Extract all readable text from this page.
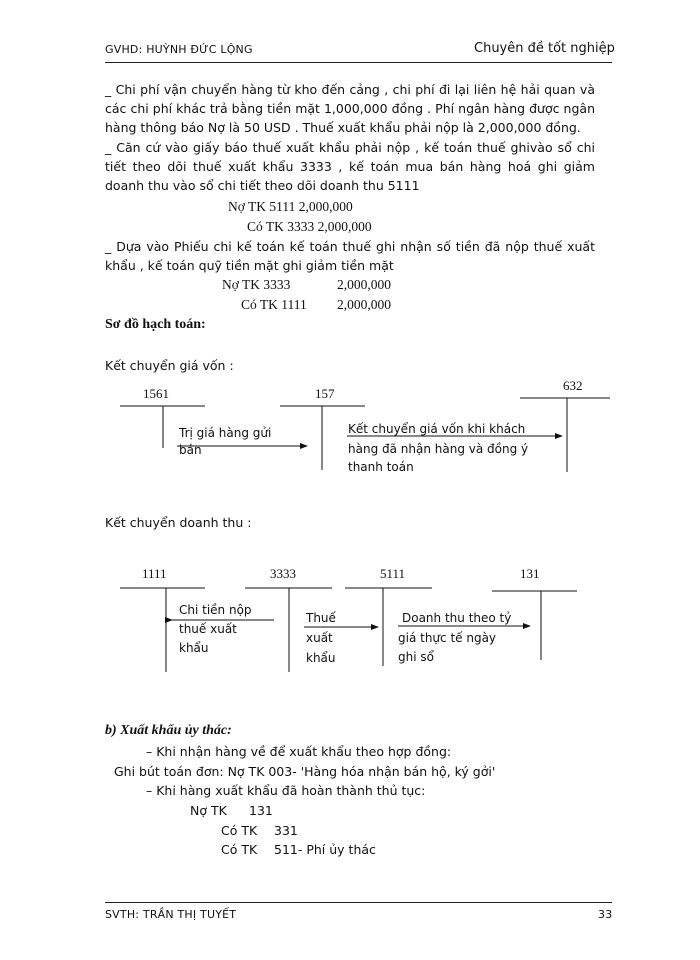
GVHD: HUỲNH ĐỨC LỘNG	Chuyên đề tốt nghiệp
_ Chi phí vận chuyển hàng từ kho đến cảng , chi phí đi lại liên hệ hải quan và các chi phí khác trả bằng tiền mặt 1,000,000 đồng . Phí ngân hàng được ngân hàng thông báo Nợ là 50 USD . Thuế xuất khẩu phải nộp là 2,000,000 đồng.
_ Căn cứ vào giấy báo thuế xuất khẩu phải nộp , kế toán thuế ghivào sổ chi tiết theo dõi thuế xuất khẩu 3333 , kế toán mua bán hàng hoá ghi giảm doanh thu vào sổ chi tiết theo dõi doanh thu 5111
Nợ TK 5111 2,000,000
Có TK 3333 2,000,000
_ Dựa vào Phiếu chi kế toán kế toán thuế ghi nhận số tiền đã nộp thuế xuất khẩu , kế toán quỹ tiền mặt ghi giảm tiền mặt
Nợ TK 3333	2,000,000
Có TK 1111 2,000,000
Sơ đồ hạch toán:
Kết chuyển giá vốn :
1561	157
632
Trị giá hàng gửi
bán
Kết chuyển giá vốn khi khách
hàng đã nhận hàng và đồng ý
thanh toán
Kết chuyển doanh thu :
1111	3333	5111	131
Chi tiền nộp
thuế xuất
khẩu
Thuế
xuất
khẩu
Doanh thu theo tỷ
giá thực tế ngày
ghi sổ
b) Xuất khẩu ủy thác:
– Khi nhận hàng về để xuất khẩu theo hợp đồng:
Ghi bút toán đơn: Nợ TK 003- 'Hàng hóa nhận bán hộ, ký gởi'
– Khi hàng xuất khẩu đã hoàn thành thủ tục:
Nợ TK 131
Có TK 331
Có TK 511- Phí ủy thác
SVTH: TRẦN THỊ TUYẾT	33
